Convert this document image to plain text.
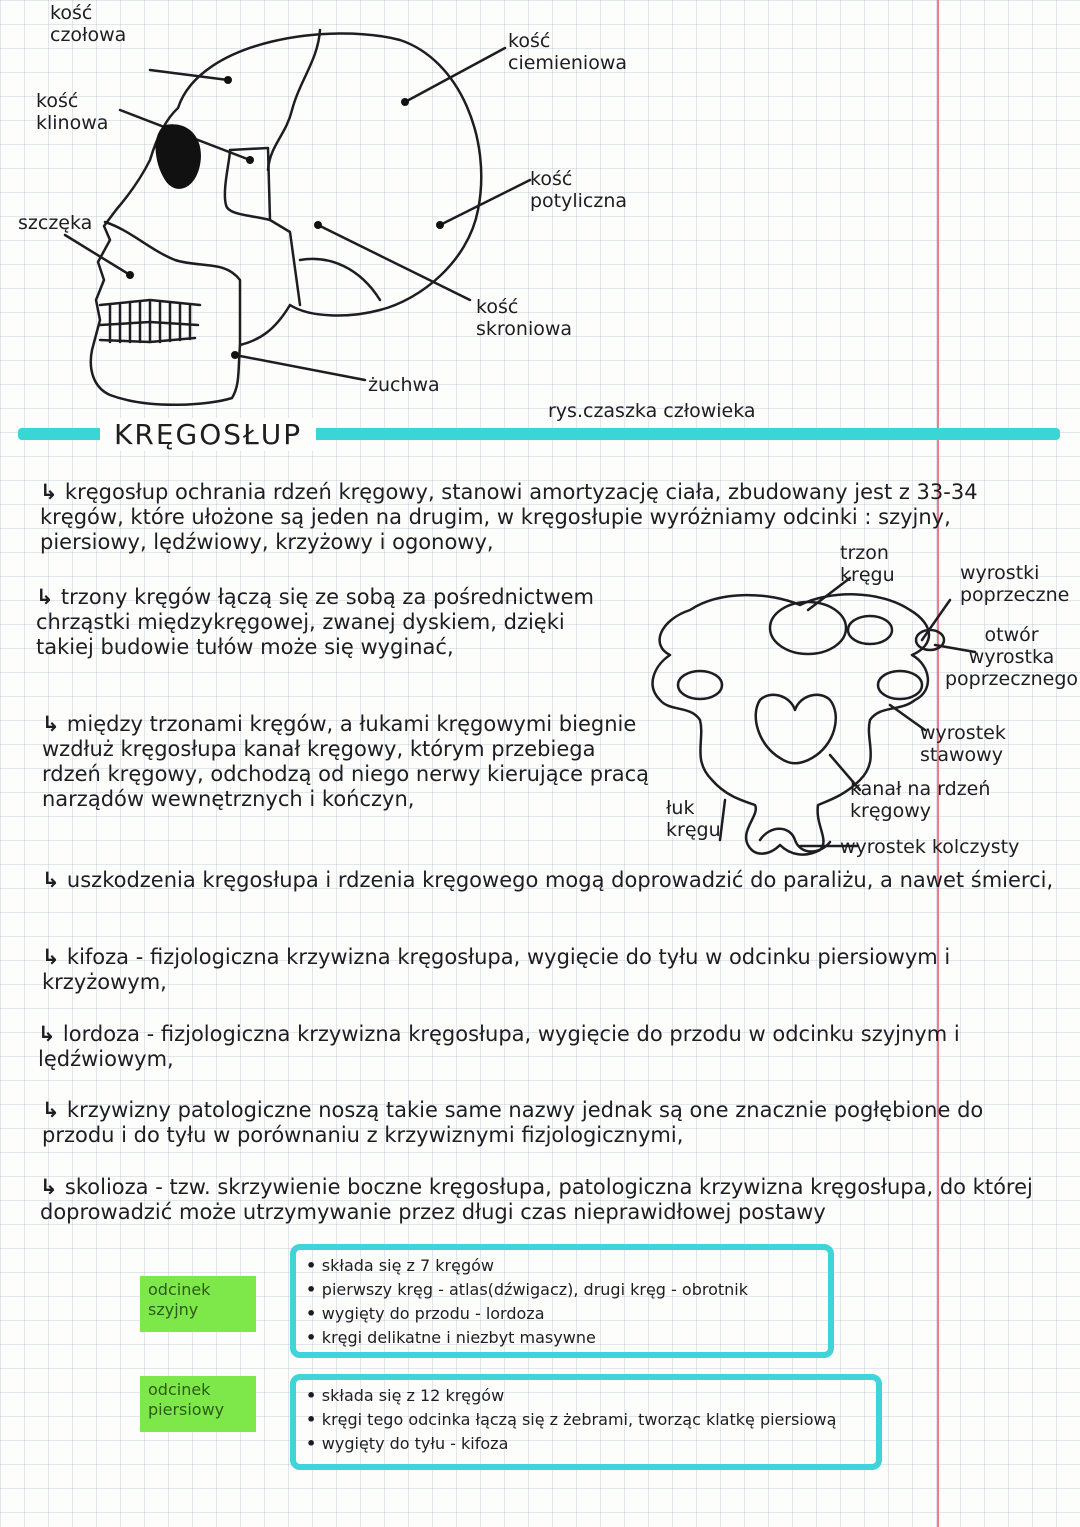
kość
czołowa	kość
ciemieniowa
kość
klinowa
kość
potyliczna
szczęka
kość
skroniowa
żuchwa
rys.czaszka człowieka
KRĘGOSŁUP
↳ kręgosłup ochrania rdzeń kręgowy, stanowi amortyzację ciała, zbudowany jest z 33-34 kręgów, które ułożone są jeden na drugim, w kręgosłupie wyróżniamy odcinki : szyjny, piersiowy, lędźwiowy, krzyżowy i ogonowy,
↳ trzony kręgów łączą się ze sobą za pośrednictwem chrząstki międzykręgowej, zwanej dyskiem, dzięki takiej budowie tułów może się wyginać,
↳ między trzonami kręgów, a łukami kręgowymi biegnie wzdłuż kręgosłupa kanał kręgowy, którym przebiega rdzeń kręgowy, odchodzą od niego nerwy kierujące pracą narządów wewnętrznych i kończyn,
↳ uszkodzenia kręgosłupa i rdzenia kręgowego mogą doprowadzić do paraliżu, a nawet śmierci,
↳ kifoza - fizjologiczna krzywizna kręgosłupa, wygięcie do tyłu w odcinku piersiowym i krzyżowym,
↳ lordoza - fizjologiczna krzywizna kręgosłupa, wygięcie do przodu w odcinku szyjnym i lędźwiowym,
↳ krzywizny patologiczne noszą takie same nazwy jednak są one znacznie pogłębione do przodu i do tyłu w porównaniu z krzywiznymi fizjologicznymi,
↳ skolioza - tzw. skrzywienie boczne kręgosłupa, patologiczna krzywizna kręgosłupa, do której doprowadzić może utrzymywanie przez długi czas nieprawidłowej postawy
trzon
kręgu	wyrostki
poprzeczne
otwór
wyrostka
poprzecznego
wyrostek
stawowy
kanał na rdzeń
kręgowy
łuk
kręgu
wyrostek kolczysty
odcinek
szyjny
• składa się z 7 kręgów
• pierwszy kręg - atlas(dźwigacz), drugi kręg - obrotnik
• wygięty do przodu - lordoza
• kręgi delikatne i niezbyt masywne
odcinek
piersiowy
• składa się z 12 kręgów
• kręgi tego odcinka łączą się z żebrami, tworząc klatkę piersiową
• wygięty do tyłu - kifoza
